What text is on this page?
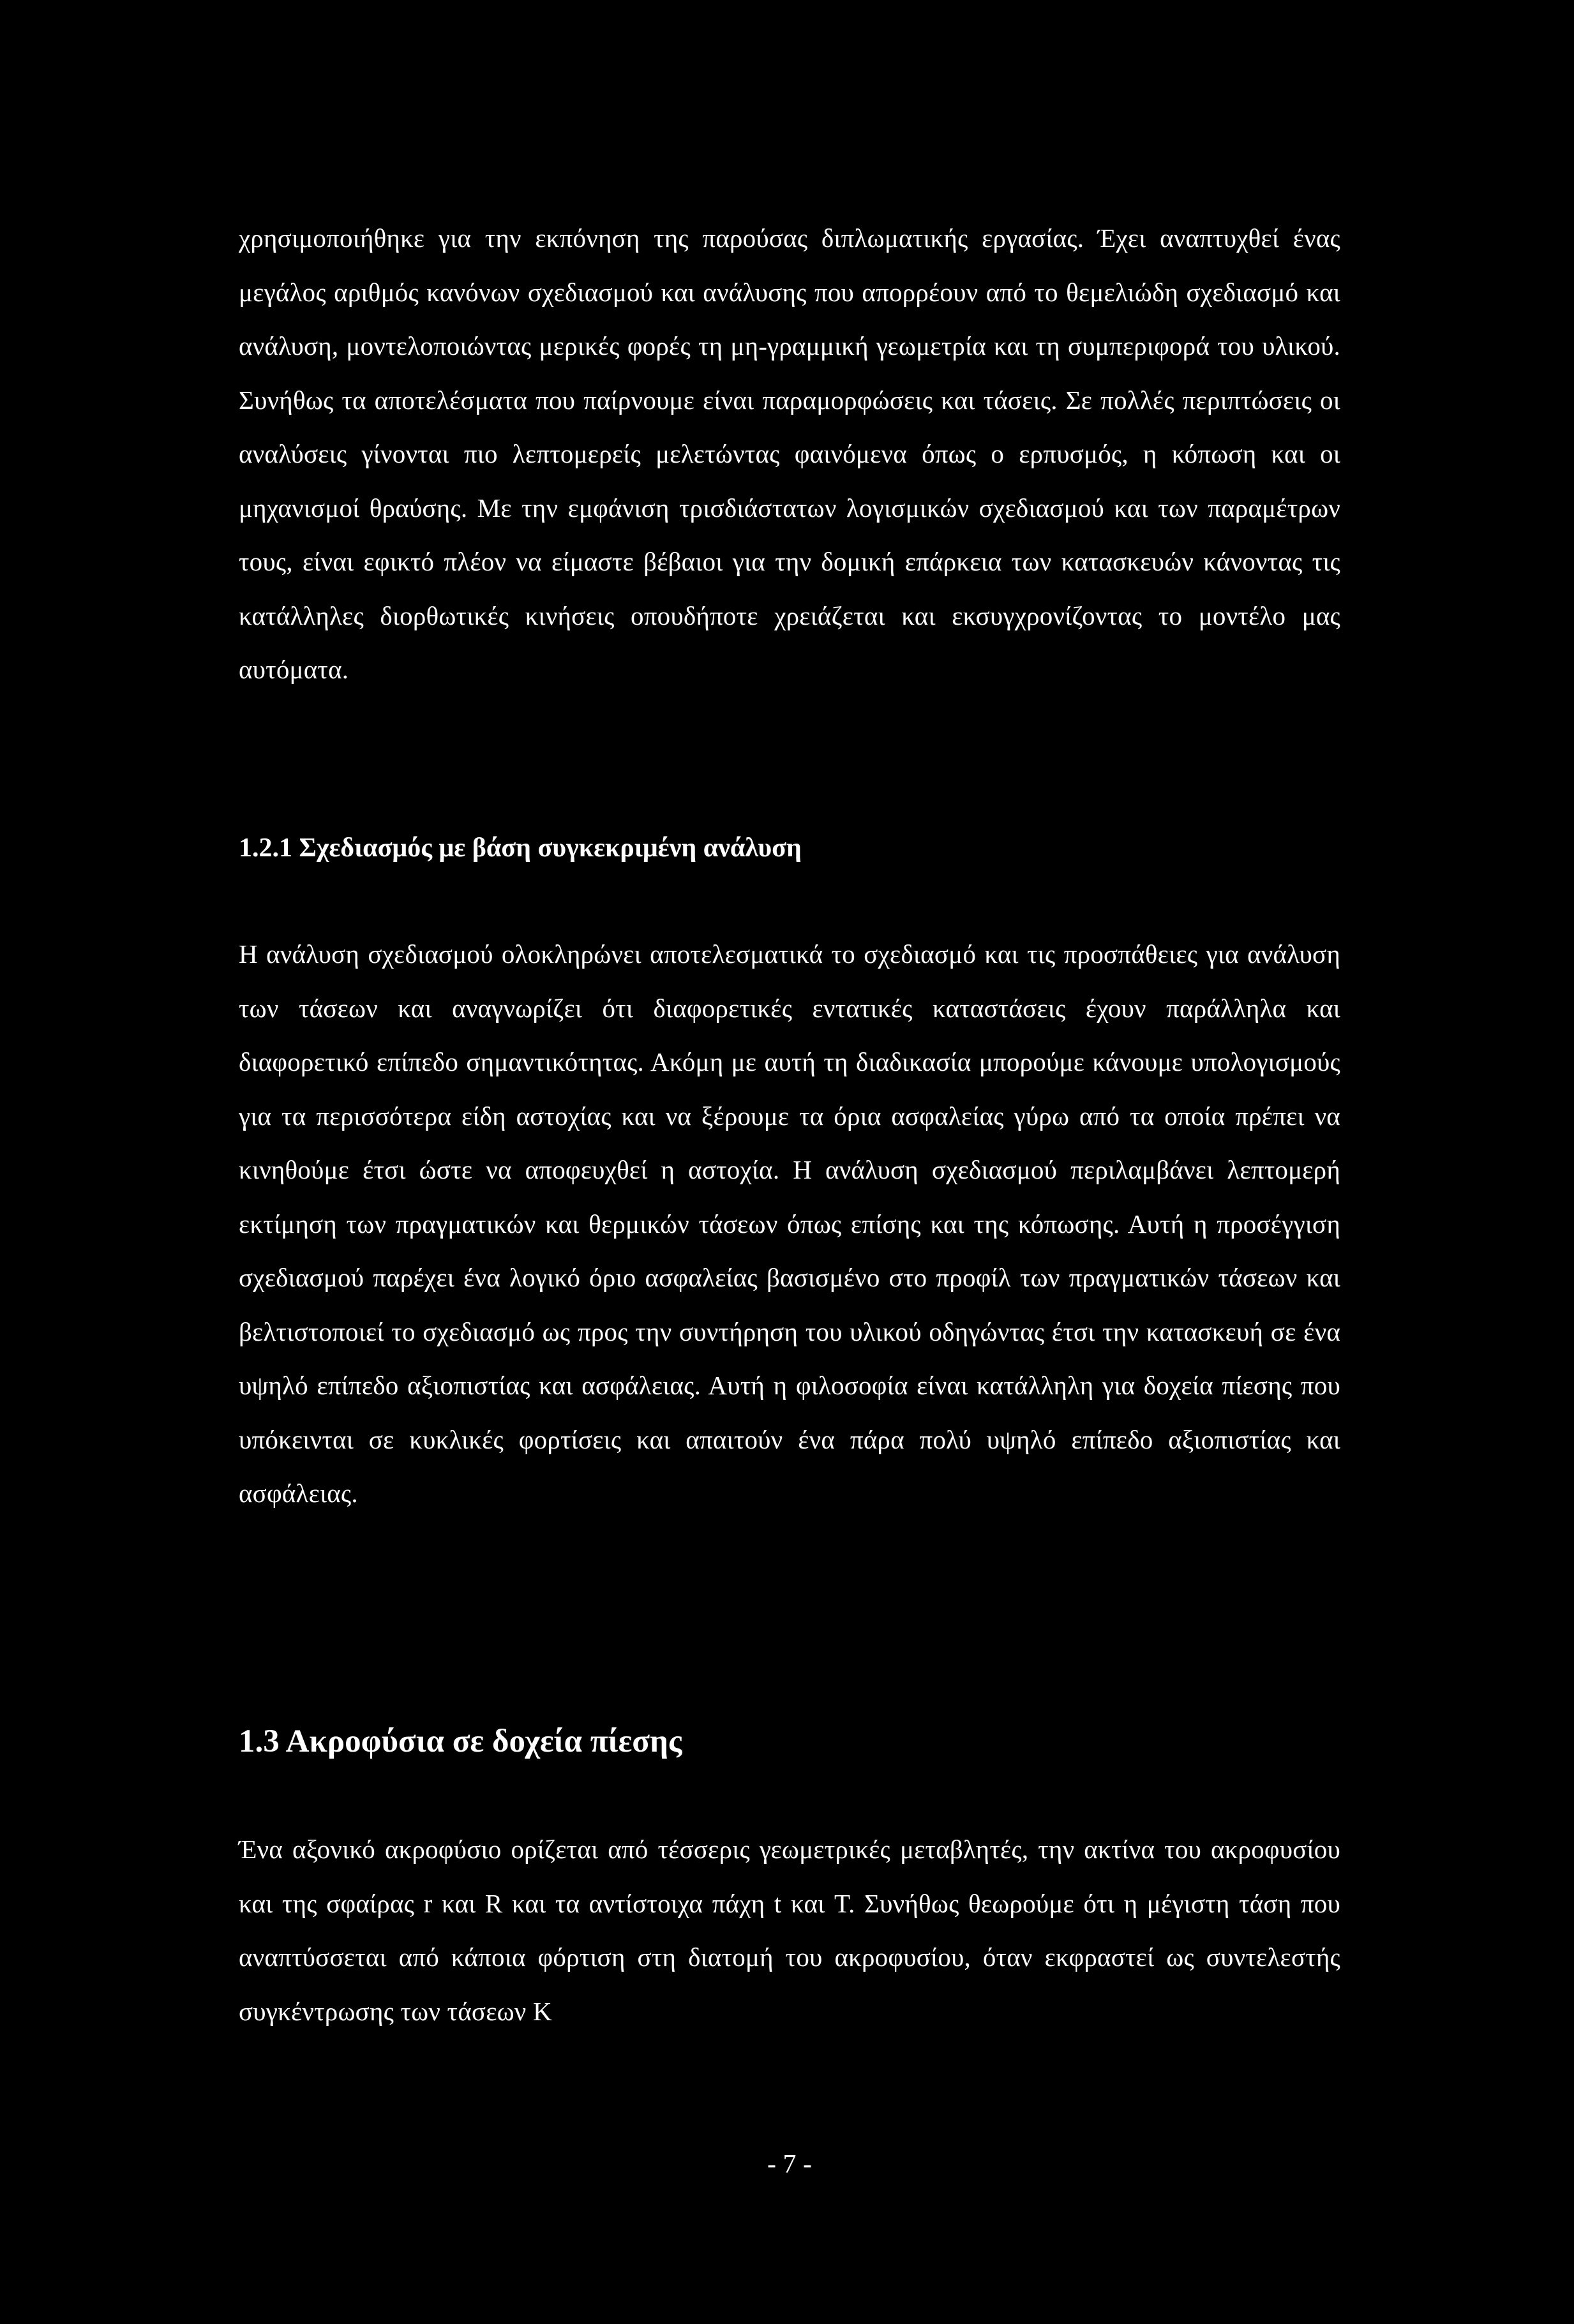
χρησιμοποιήθηκε για την εκπόνηση της παρούσας διπλωματικής εργασίας. Έχει αναπτυχθεί ένας μεγάλος αριθμός κανόνων σχεδιασμού και ανάλυσης που απορρέουν από το θεμελιώδη σχεδιασμό και ανάλυση, μοντελοποιώντας μερικές φορές τη μη-γραμμική γεωμετρία και τη συμπεριφορά του υλικού. Συνήθως τα αποτελέσματα που παίρνουμε είναι παραμορφώσεις και τάσεις. Σε πολλές περιπτώσεις οι αναλύσεις γίνονται πιο λεπτομερείς μελετώντας φαινόμενα όπως ο ερπυσμός, η κόπωση και οι μηχανισμοί θραύσης. Με την εμφάνιση τρισδιάστατων λογισμικών σχεδιασμού και των παραμέτρων τους, είναι εφικτό πλέον να είμαστε βέβαιοι για την δομική επάρκεια των κατασκευών κάνοντας τις κατάλληλες διορθωτικές κινήσεις οπουδήποτε χρειάζεται και εκσυγχρονίζοντας το μοντέλο μας αυτόματα.

1.2.1 Σχεδιασμός με βάση συγκεκριμένη ανάλυση

Η ανάλυση σχεδιασμού ολοκληρώνει αποτελεσματικά το σχεδιασμό και τις προσπάθειες για ανάλυση των τάσεων και αναγνωρίζει ότι διαφορετικές εντατικές καταστάσεις έχουν παράλληλα και διαφορετικό επίπεδο σημαντικότητας. Ακόμη με αυτή τη διαδικασία μπορούμε κάνουμε υπολογισμούς για τα περισσότερα είδη αστοχίας και να ξέρουμε τα όρια ασφαλείας γύρω από τα οποία πρέπει να κινηθούμε έτσι ώστε να αποφευχθεί η αστοχία. Η ανάλυση σχεδιασμού περιλαμβάνει λεπτομερή εκτίμηση των πραγματικών και θερμικών τάσεων όπως επίσης και της κόπωσης. Αυτή η προσέγγιση σχεδιασμού παρέχει ένα λογικό όριο ασφαλείας βασισμένο στο προφίλ των πραγματικών τάσεων και βελτιστοποιεί το σχεδιασμό ως προς την συντήρηση του υλικού οδηγώντας έτσι την κατασκευή σε ένα υψηλό επίπεδο αξιοπιστίας και ασφάλειας. Αυτή η φιλοσοφία είναι κατάλληλη για δοχεία πίεσης που υπόκεινται σε κυκλικές φορτίσεις και απαιτούν ένα πάρα πολύ υψηλό επίπεδο αξιοπιστίας και ασφάλειας.

1.3 Ακροφύσια σε δοχεία πίεσης

Ένα αξονικό ακροφύσιο ορίζεται από τέσσερις γεωμετρικές μεταβλητές, την ακτίνα του ακροφυσίου και της σφαίρας r και R και τα αντίστοιχα πάχη t και T. Συνήθως θεωρούμε ότι η μέγιστη τάση που αναπτύσσεται από κάποια φόρτιση στη διατομή του ακροφυσίου, όταν εκφραστεί ως συντελεστής συγκέντρωσης των τάσεων K

- 7 -
